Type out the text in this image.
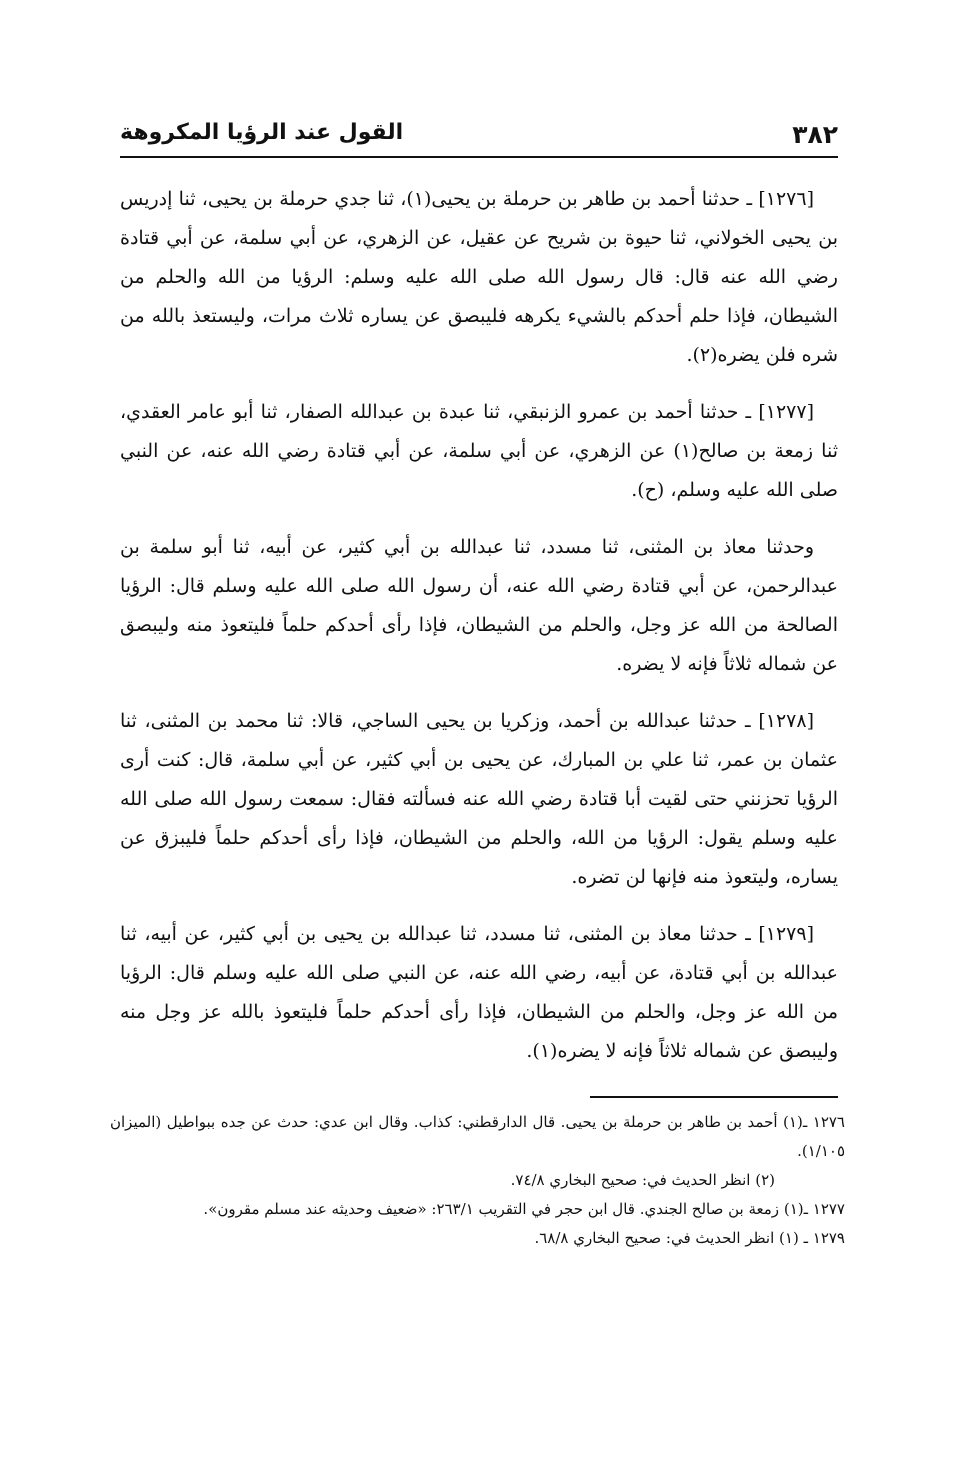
٣٨٢
القول عند الرؤيا المكروهة

[١٢٧٦] ـ حدثنا أحمد بن طاهر بن حرملة بن يحيى(١)، ثنا جدي حرملة بن يحيى، ثنا إدريس بن يحيى الخولاني، ثنا حيوة بن شريح عن عقيل، عن الزهري، عن أبي سلمة، عن أبي قتادة رضي الله عنه قال: قال رسول الله صلى الله عليه وسلم: الرؤيا من الله والحلم من الشيطان، فإذا حلم أحدكم بالشيء يكرهه فليبصق عن يساره ثلاث مرات، وليستعذ بالله من شره فلن يضره(٢).

[١٢٧٧] ـ حدثنا أحمد بن عمرو الزنبقي، ثنا عبدة بن عبدالله الصفار، ثنا أبو عامر العقدي، ثنا زمعة بن صالح(١) عن الزهري، عن أبي سلمة، عن أبي قتادة رضي الله عنه، عن النبي صلى الله عليه وسلم، (ح).

وحدثنا معاذ بن المثنى، ثنا مسدد، ثنا عبدالله بن أبي كثير، عن أبيه، ثنا أبو سلمة بن عبدالرحمن، عن أبي قتادة رضي الله عنه، أن رسول الله صلى الله عليه وسلم قال: الرؤيا الصالحة من الله عز وجل، والحلم من الشيطان، فإذا رأى أحدكم حلماً فليتعوذ منه وليبصق عن شماله ثلاثاً فإنه لا يضره.

[١٢٧٨] ـ حدثنا عبدالله بن أحمد، وزكريا بن يحيى الساجي، قالا: ثنا محمد بن المثنى، ثنا عثمان بن عمر، ثنا علي بن المبارك، عن يحيى بن أبي كثير، عن أبي سلمة، قال: كنت أرى الرؤيا تحزنني حتى لقيت أبا قتادة رضي الله عنه فسألته فقال: سمعت رسول الله صلى الله عليه وسلم يقول: الرؤيا من الله، والحلم من الشيطان، فإذا رأى أحدكم حلماً فليبزق عن يساره، وليتعوذ منه فإنها لن تضره.

[١٢٧٩] ـ حدثنا معاذ بن المثنى، ثنا مسدد، ثنا عبدالله بن يحيى بن أبي كثير، عن أبيه، ثنا عبدالله بن أبي قتادة، عن أبيه، رضي الله عنه، عن النبي صلى الله عليه وسلم قال: الرؤيا من الله عز وجل، والحلم من الشيطان، فإذا رأى أحدكم حلماً فليتعوذ بالله عز وجل منه وليبصق عن شماله ثلاثاً فإنه لا يضره(١).

١٢٧٦ ـ(١) أحمد بن طاهر بن حرملة بن يحيى. قال الدارقطني: كذاب. وقال ابن عدي: حدث عن جده ببواطيل (الميزان ١/١٠٥).

(٢) انظر الحديث في: صحيح البخاري ٧٤/٨.

١٢٧٧ ـ(١) زمعة بن صالح الجندي. قال ابن حجر في التقريب ٢٦٣/١: «ضعيف وحديثه عند مسلم مقرون».

١٢٧٩ ـ (١) انظر الحديث في: صحيح البخاري ٦٨/٨.
